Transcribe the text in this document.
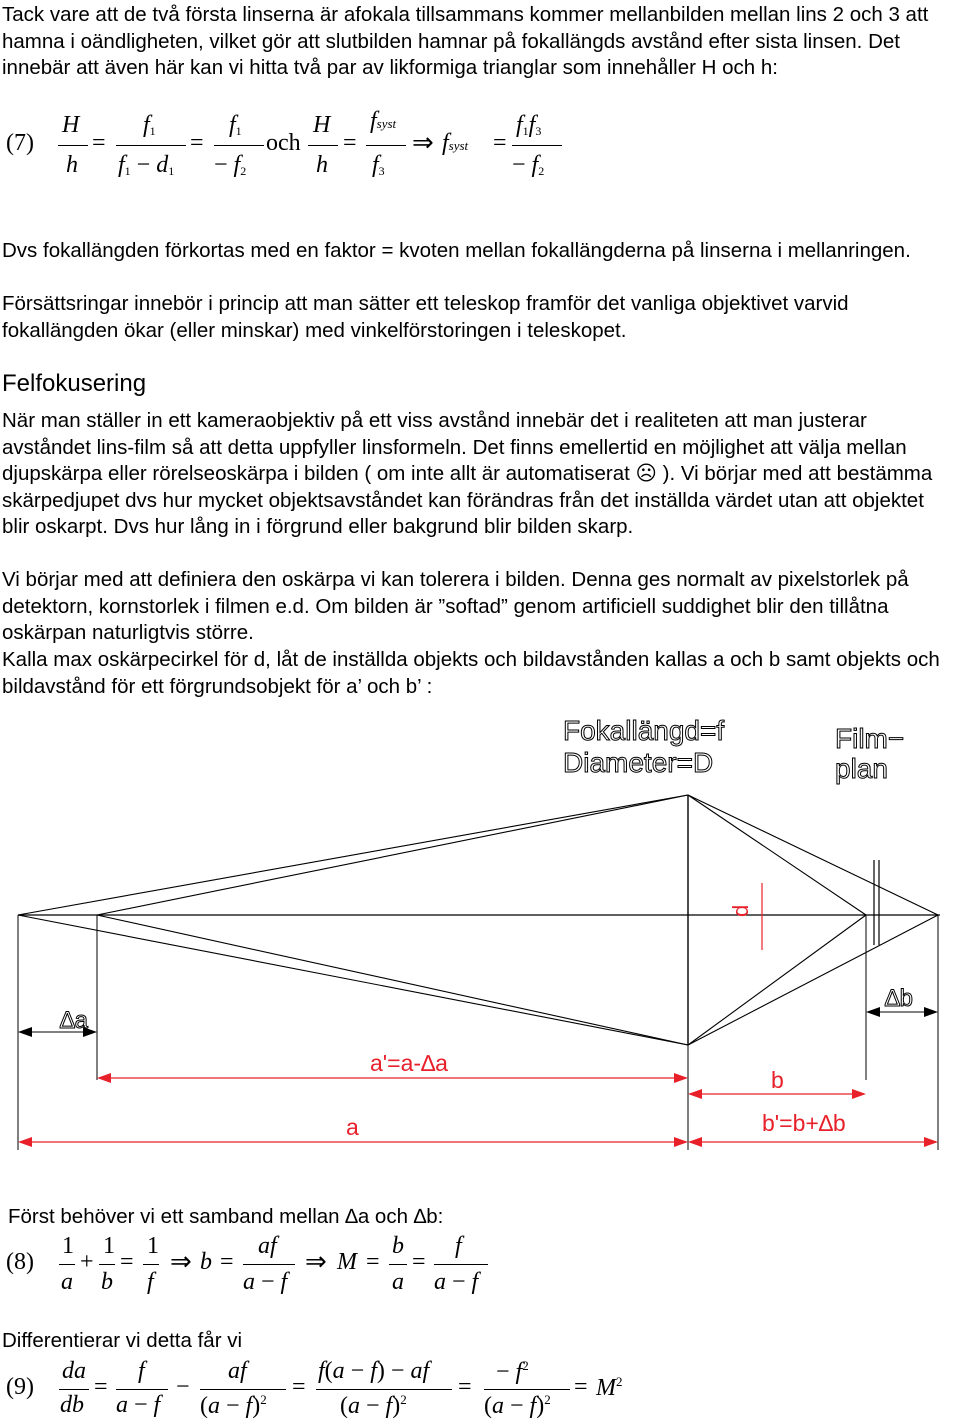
Tack vare att de två första linserna är afokala tillsammans kommer mellanbilden mellan lins 2 och 3 att hamna i oändligheten, vilket gör att slutbilden hamnar på fokallängds avstånd efter sista linsen. Det innebär att även här kan vi hitta två par av likformiga trianglar som innehåller H och h:

(7)
H
h
=
$f_1$
$f_1 - d_1$
=
$f_1$
− $f_2$
och
H
h
=
fsyst
$f_3$
⇒ fsyst =
$f_1f_3$
− $f_2$

Dvs fokallängden förkortas med en faktor = kvoten mellan fokallängderna på linserna i mellanringen.

Försättsringar innebör i princip att man sätter ett teleskop framför det vanliga objektivet varvid fokallängden ökar (eller minskar) med vinkelförstoringen i teleskopet.

Felfokusering

När man ställer in ett kameraobjektiv på ett viss avstånd innebär det i realiteten att man justerar avståndet lins-film så att detta uppfyller linsformeln. Det finns emellertid en möjlighet att välja mellan djupskärpa eller rörelseoskärpa i bilden ( om inte allt är automatiserat ☹ ). Vi börjar med att bestämma skärpedjupet dvs hur mycket objektsavståndet kan förändras från det inställda värdet utan att objektet blir oskarpt. Dvs hur lång in i förgrund eller bakgrund blir bilden skarp.

Vi börjar med att definiera den oskärpa vi kan tolerera i bilden. Denna ges normalt av pixelstorlek på detektorn, kornstorlek i filmen e.d. Om bilden är ”softad” genom artificiell suddighet blir den tillåtna oskärpan naturligtvis större.

Kalla max oskärpecirkel för d, låt de inställda objekts och bildavstånden kallas a och b samt objekts och bildavstånd för ett förgrundsobjekt för a’ och b’ :

Fokallängd=f
Diameter=D
Film−
plan
d
∆a
∆b
a'=a-∆a
b
a	b'=b+∆b

Först behöver vi ett samband mellan ∆a och ∆b:

(8)
1
a
+
1
b
=
1
f
⇒ b =
af
a − f
⇒ M =
b
a
=
f
a − f

Differentierar vi detta får vi

(9)
da
db
=
f
a − f
−
af
$(a - f)^2$ =
f(a − f) − af
$(a - f)^2$ =
− $f^2$
$(a - f)^2 = M^2$
